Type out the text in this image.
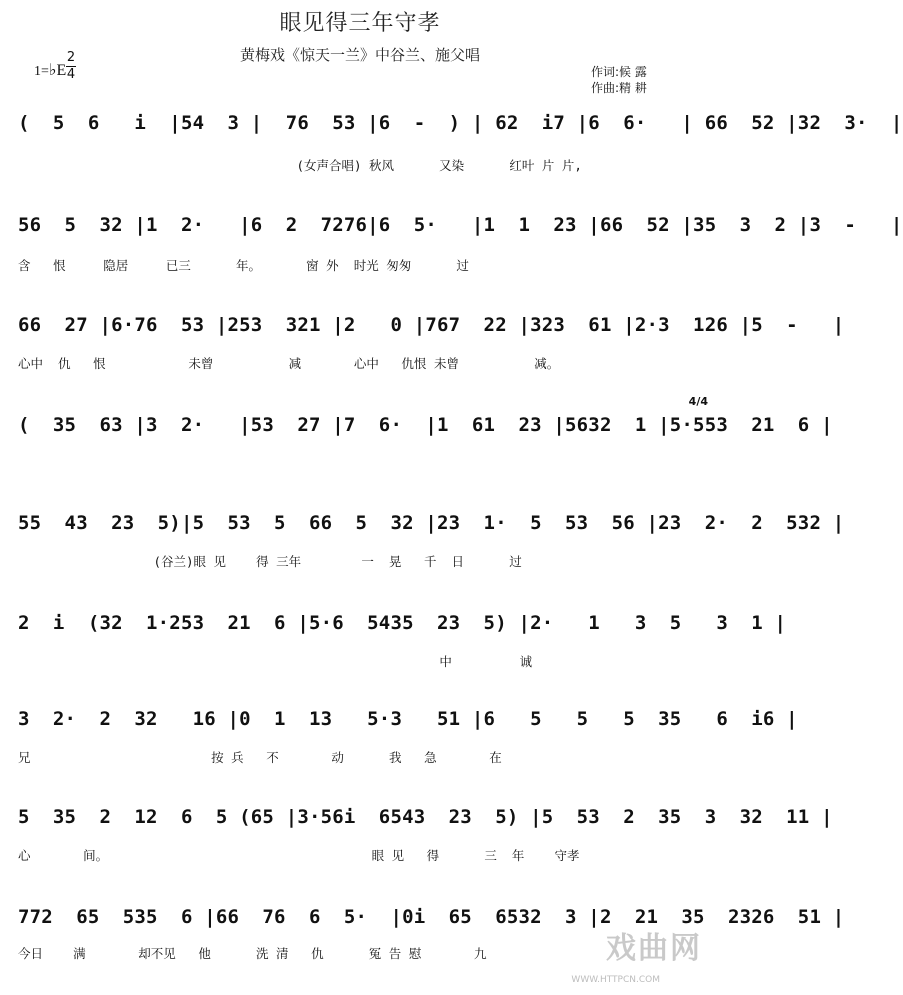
眼见得三年守孝
黄梅戏《惊天一兰》中谷兰、施父唱
1=♭E
2
4	作词:候 露
作曲:精 耕
4/4
(  5  6   i  |54  3 |  76  53 |6  -  ) | 62  i7 |6  6·   | 66  52 |32  3·  |
(女声合唱) 秋风      又染      红叶 片 片,
56  5  32 |1  2·   |6  2  7276|6  5·   |1  1  23 |66  52 |35  3  2 |3  -   |
含   恨     隐居     已三      年。      窗 外  时光 匆匆      过
66  27 |6·76  53 |253  321 |2   0 |767  22 |323  61 |2·3  126 |5  -   |
心中  仇   恨           未曾          减       心中   仇恨 未曾          减。
(  35  63 |3  2·   |53  27 |7  6·  |1  61  23 |5632  1 |5·553  21  6 |
55  43  23  5)|5  53  5  66  5  32 |23  1·  5  53  56 |23  2·  2  532 |
(谷兰)眼 见    得 三年        一  晃   千  日      过
2  i  (32  1·253  21  6 |5·6  5435  23  5) |2·   1   3  5   3  1 |
中         诚
3  2·  2  32   16 |0  1  13   5·3   51 |6   5   5   5  35   6  i6 |
兄                        按 兵   不       动      我   急       在
5  35  2  12  6  5 (65 |3·56i  6543  23  5) |5  53  2  35  3  32  11 |
心       间。                                   眼 见   得      三  年    守孝
772  65  535  6 |66  76  6  5·  |0i  65  6532  3 |2  21  35  2326  51 |
今日    满       却不见   他      洗 清   仇      冤 告 慰       九	戏曲网
WWW.HTTPCN.COM
